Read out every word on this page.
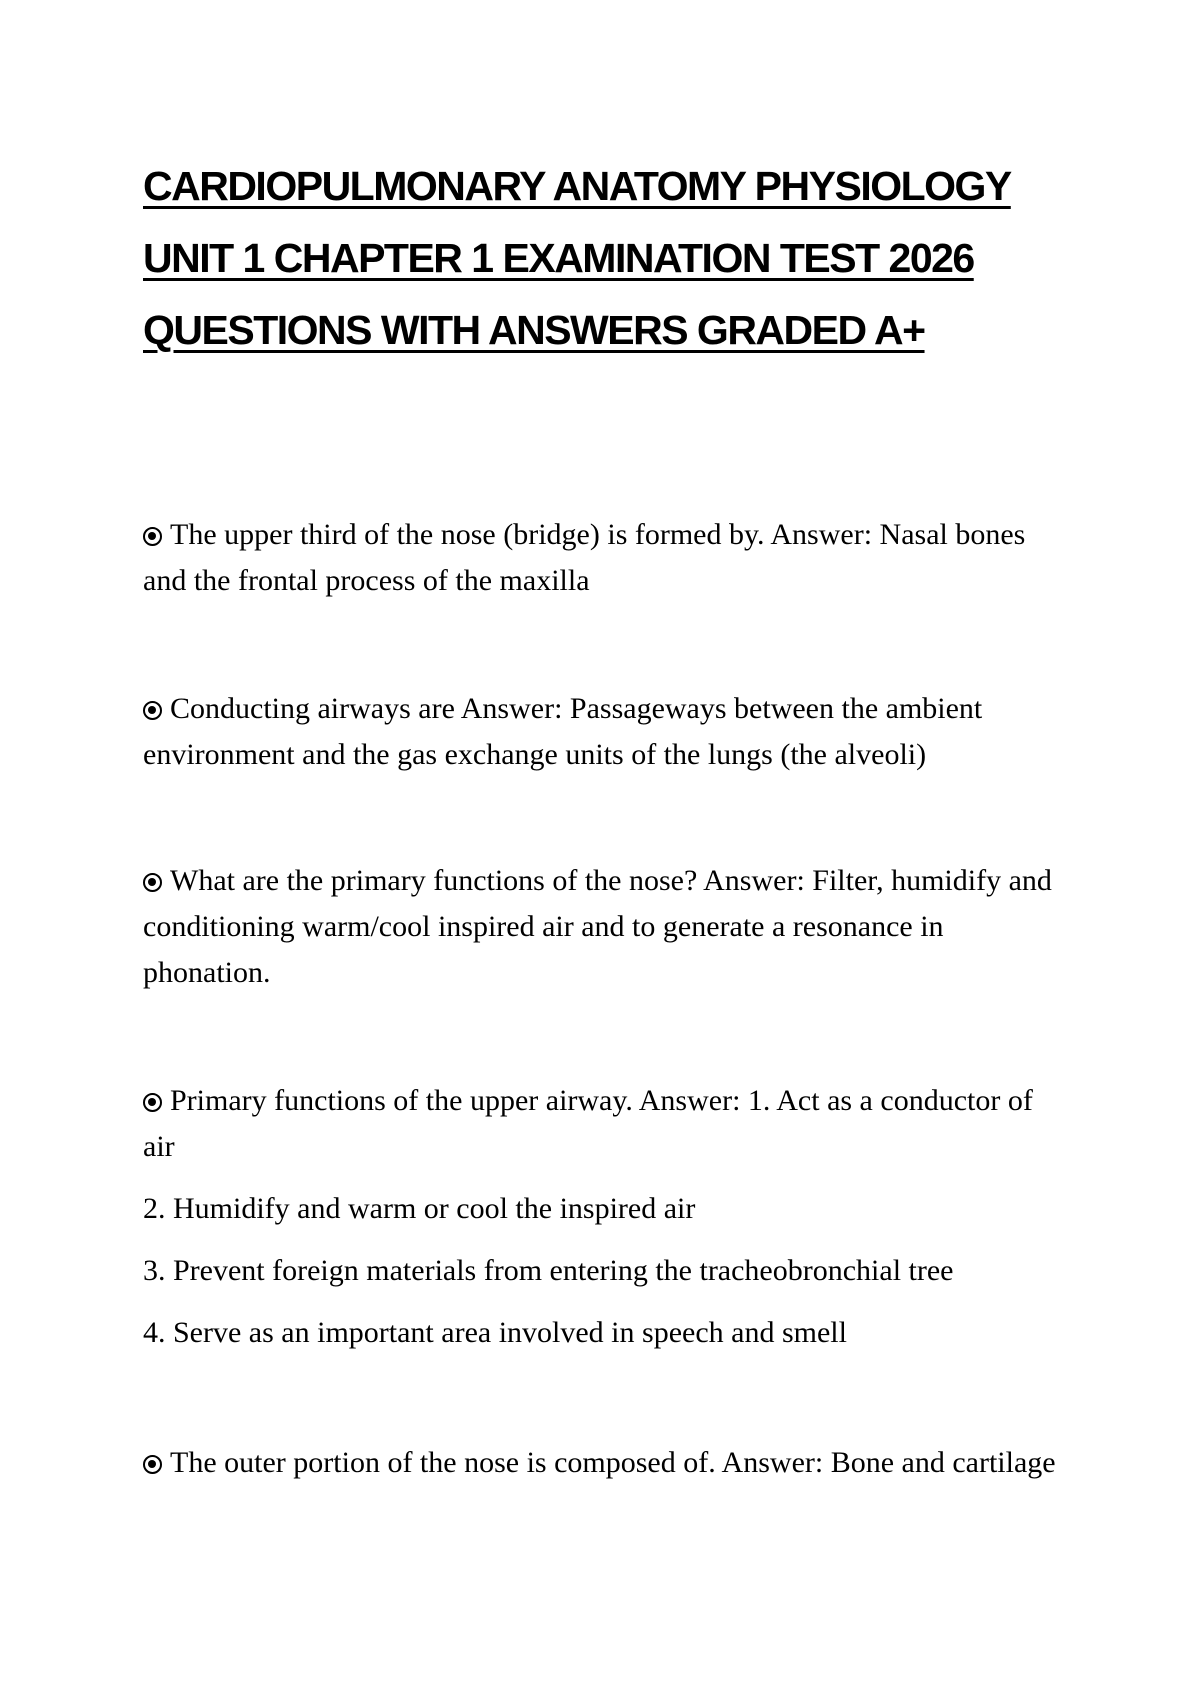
CARDIOPULMONARY ANATOMY PHYSIOLOGY
UNIT 1 CHAPTER 1 EXAMINATION TEST 2026
QUESTIONS WITH ANSWERS GRADED A+

The upper third of the nose (bridge) is formed by. Answer: Nasal bones and the frontal process of the maxilla

Conducting airways are Answer: Passageways between the ambient environment and the gas exchange units of the lungs (the alveoli)

What are the primary functions of the nose? Answer: Filter, humidify and conditioning warm/cool inspired air and to generate a resonance in phonation.

Primary functions of the upper airway. Answer: 1. Act as a conductor of air

2. Humidify and warm or cool the inspired air

3. Prevent foreign materials from entering the tracheobronchial tree

4. Serve as an important area involved in speech and smell

The outer portion of the nose is composed of. Answer: Bone and cartilage
